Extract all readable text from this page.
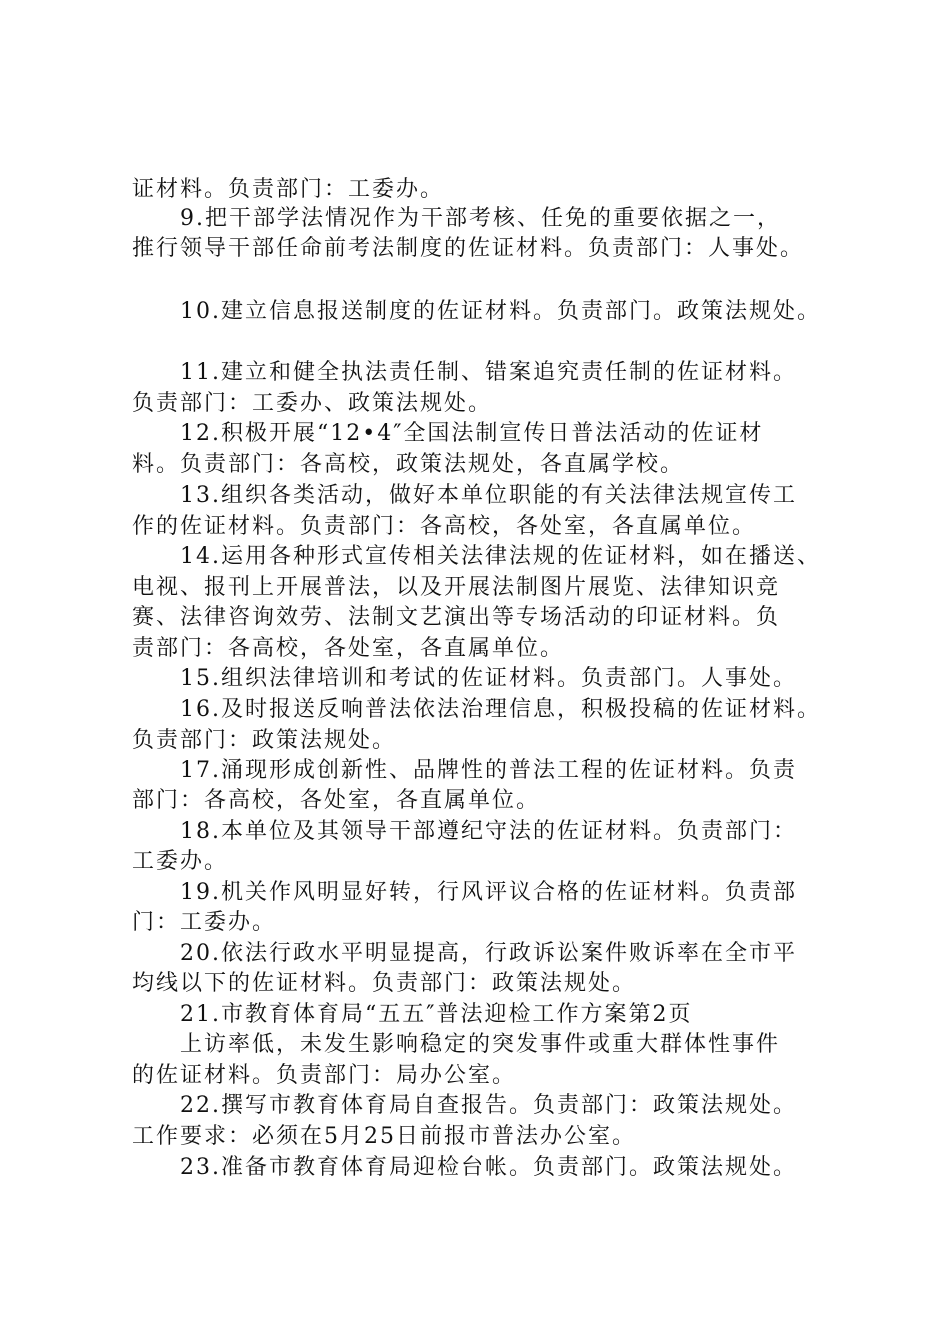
证材料。负责部门：工委办。
9.把干部学法情况作为干部考核、任免的重要依据之一，
推行领导干部任命前考法制度的佐证材料。负责部门：人事处。
10.建立信息报送制度的佐证材料。负责部门。政策法规处。
11.建立和健全执法责任制、错案追究责任制的佐证材料。
负责部门：工委办、政策法规处。
12.积极开展“12•4″全国法制宣传日普法活动的佐证材
料。负责部门：各高校，政策法规处，各直属学校。
13.组织各类活动，做好本单位职能的有关法律法规宣传工
作的佐证材料。负责部门：各高校，各处室，各直属单位。
14.运用各种形式宣传相关法律法规的佐证材料，如在播送、
电视、报刊上开展普法，以及开展法制图片展览、法律知识竞
赛、法律咨询效劳、法制文艺演出等专场活动的印证材料。负
责部门：各高校，各处室，各直属单位。
15.组织法律培训和考试的佐证材料。负责部门。人事处。
16.及时报送反响普法依法治理信息，积极投稿的佐证材料。
负责部门：政策法规处。
17.涌现形成创新性、品牌性的普法工程的佐证材料。负责
部门：各高校，各处室，各直属单位。
18.本单位及其领导干部遵纪守法的佐证材料。负责部门：
工委办。
19.机关作风明显好转，行风评议合格的佐证材料。负责部
门：工委办。
20.依法行政水平明显提高，行政诉讼案件败诉率在全市平
均线以下的佐证材料。负责部门：政策法规处。
21.市教育体育局“五五″普法迎检工作方案第2页
上访率低，未发生影响稳定的突发事件或重大群体性事件
的佐证材料。负责部门：局办公室。
22.撰写市教育体育局自查报告。负责部门：政策法规处。
工作要求：必须在5月25日前报市普法办公室。
23.准备市教育体育局迎检台帐。负责部门。政策法规处。
